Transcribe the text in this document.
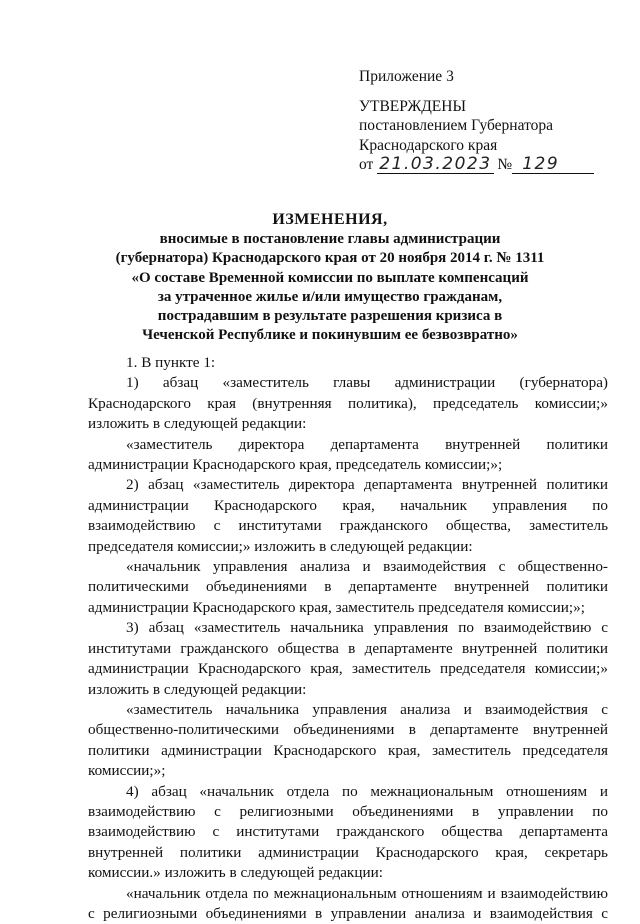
Приложение 3
УТВЕРЖДЕНЫ
постановлением Губернатора
Краснодарского края
от 21.03.2023 № 129
ИЗМЕНЕНИЯ,
вносимые в постановление главы администрации
(губернатора) Краснодарского края от 20 ноября 2014 г. № 1311
«О составе Временной комиссии по выплате компенсаций
за утраченное жилье и/или имущество гражданам,
пострадавшим в результате разрешения кризиса в
Чеченской Республике и покинувшим ее безвозвратно»

1. В пункте 1:

1) абзац «заместитель главы администрации (губернатора) Краснодарского края (внутренняя политика), председатель комиссии;» изложить в следующей редакции:

«заместитель директора департамента внутренней политики администрации Краснодарского края, председатель комиссии;»;

2) абзац «заместитель директора департамента внутренней политики администрации Краснодарского края, начальник управления по взаимодействию с институтами гражданского общества, заместитель председателя комиссии;» изложить в следующей редакции:

«начальник управления анализа и взаимодействия с общественно-политическими объединениями в департаменте внутренней политики администрации Краснодарского края, заместитель председателя комиссии;»;

3) абзац «заместитель начальника управления по взаимодействию с институтами гражданского общества в департаменте внутренней политики администрации Краснодарского края, заместитель председателя комиссии;» изложить в следующей редакции:

«заместитель начальника управления анализа и взаимодействия с общественно-политическими объединениями в департаменте внутренней политики администрации Краснодарского края, заместитель председателя комиссии;»;

4) абзац «начальник отдела по межнациональным отношениям и взаимодействию с религиозными объединениями в управлении по взаимодействию с институтами гражданского общества департамента внутренней политики администрации Краснодарского края, секретарь комиссии.» изложить в следующей редакции:

«начальник отдела по межнациональным отношениям и взаимодействию с религиозными объединениями в управлении анализа и взаимодействия с
